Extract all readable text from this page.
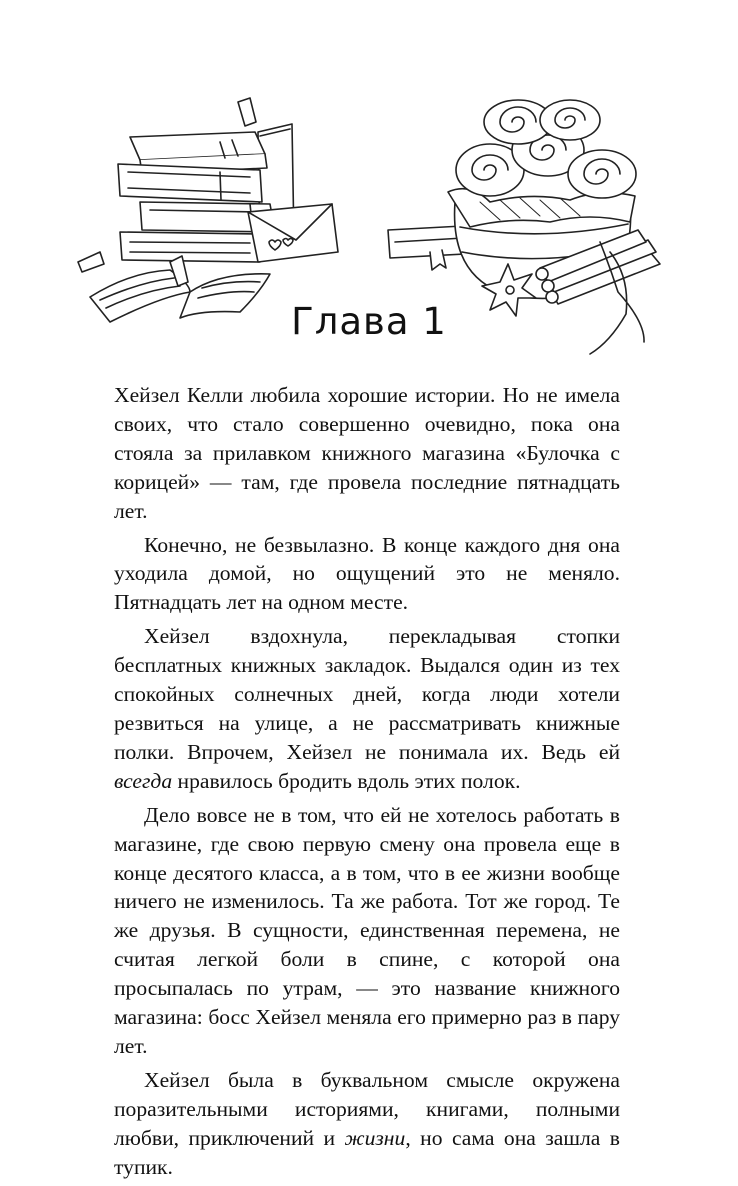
Глава 1

Хейзел Келли любила хорошие истории. Но не имела своих, что стало совершенно очевидно, пока она стояла за прилавком книжного магазина «Булочка с корицей» — там, где провела последние пятнадцать лет.

Конечно, не безвылазно. В конце каждого дня она уходила домой, но ощущений это не меняло. Пятнадцать лет на одном месте.

Хейзел вздохнула, перекладывая стопки бесплатных книжных закладок. Выдался один из тех спокойных солнечных дней, когда люди хотели резвиться на улице, а не рассматривать книжные полки. Впрочем, Хейзел не понимала их. Ведь ей всегда нравилось бродить вдоль этих полок.

Дело вовсе не в том, что ей не хотелось работать в магазине, где свою первую смену она провела еще в конце десятого класса, а в том, что в ее жизни вообще ничего не изменилось. Та же работа. Тот же город. Те же друзья. В сущности, единственная перемена, не считая легкой боли в спине, с которой она просыпалась по утрам, — это название книжного магазина: босс Хейзел меняла его примерно раз в пару лет.

Хейзел была в буквальном смысле окружена поразительными историями, книгами, полными любви, приключений и жизни, но сама она зашла в тупик.
